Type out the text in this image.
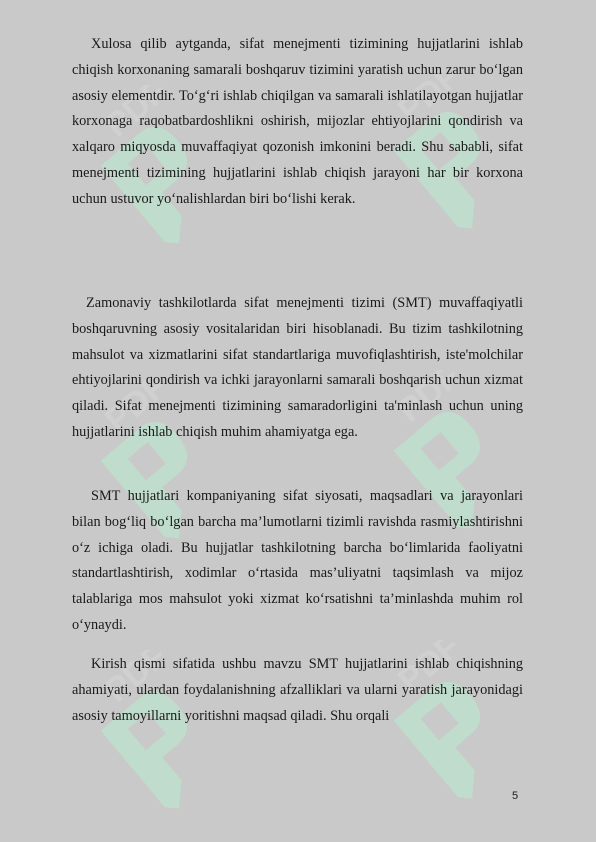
PDF	PDF
PDF	PDF
PDF	PDF

Xulosa qilib aytganda, sifat menejmenti tizimining hujjatlarini ishlab chiqish korxonaning samarali boshqaruv tizimini yaratish uchun zarur bo‘lgan asosiy elementdir. To‘g‘ri ishlab chiqilgan va samarali ishlatilayotgan hujjatlar korxonaga raqobatbardoshlikni oshirish, mijozlar ehtiyojlarini qondirish va xalqaro miqyosda muvaffaqiyat qozonish imkonini beradi. Shu sababli, sifat menejmenti tizimining hujjatlarini ishlab chiqish jarayoni har bir korxona uchun ustuvor yo‘nalishlardan biri bo‘lishi kerak.

Zamonaviy tashkilotlarda sifat menejmenti tizimi (SMT) muvaffaqiyatli boshqaruvning asosiy vositalaridan biri hisoblanadi. Bu tizim tashkilotning mahsulot va xizmatlarini sifat standartlariga muvofiqlashtirish, iste'molchilar ehtiyojlarini qondirish va ichki jarayonlarni samarali boshqarish uchun xizmat qiladi. Sifat menejmenti tizimining samaradorligini ta'minlash uchun uning hujjatlarini ishlab chiqish muhim ahamiyatga ega.

SMT hujjatlari kompaniyaning sifat siyosati, maqsadlari va jarayonlari bilan bog‘liq bo‘lgan barcha ma’lumotlarni tizimli ravishda rasmiylashtirishni o‘z ichiga oladi. Bu hujjatlar tashkilotning barcha bo‘limlarida faoliyatni standartlashtirish, xodimlar o‘rtasida mas’uliyatni taqsimlash va mijoz talablariga mos mahsulot yoki xizmat ko‘rsatishni ta’minlashda muhim rol o‘ynaydi.

Kirish qismi sifatida ushbu mavzu SMT hujjatlarini ishlab chiqishning ahamiyati, ulardan foydalanishning afzalliklari va ularni yaratish jarayonidagi asosiy tamoyillarni yoritishni maqsad qiladi. Shu orqali

5
